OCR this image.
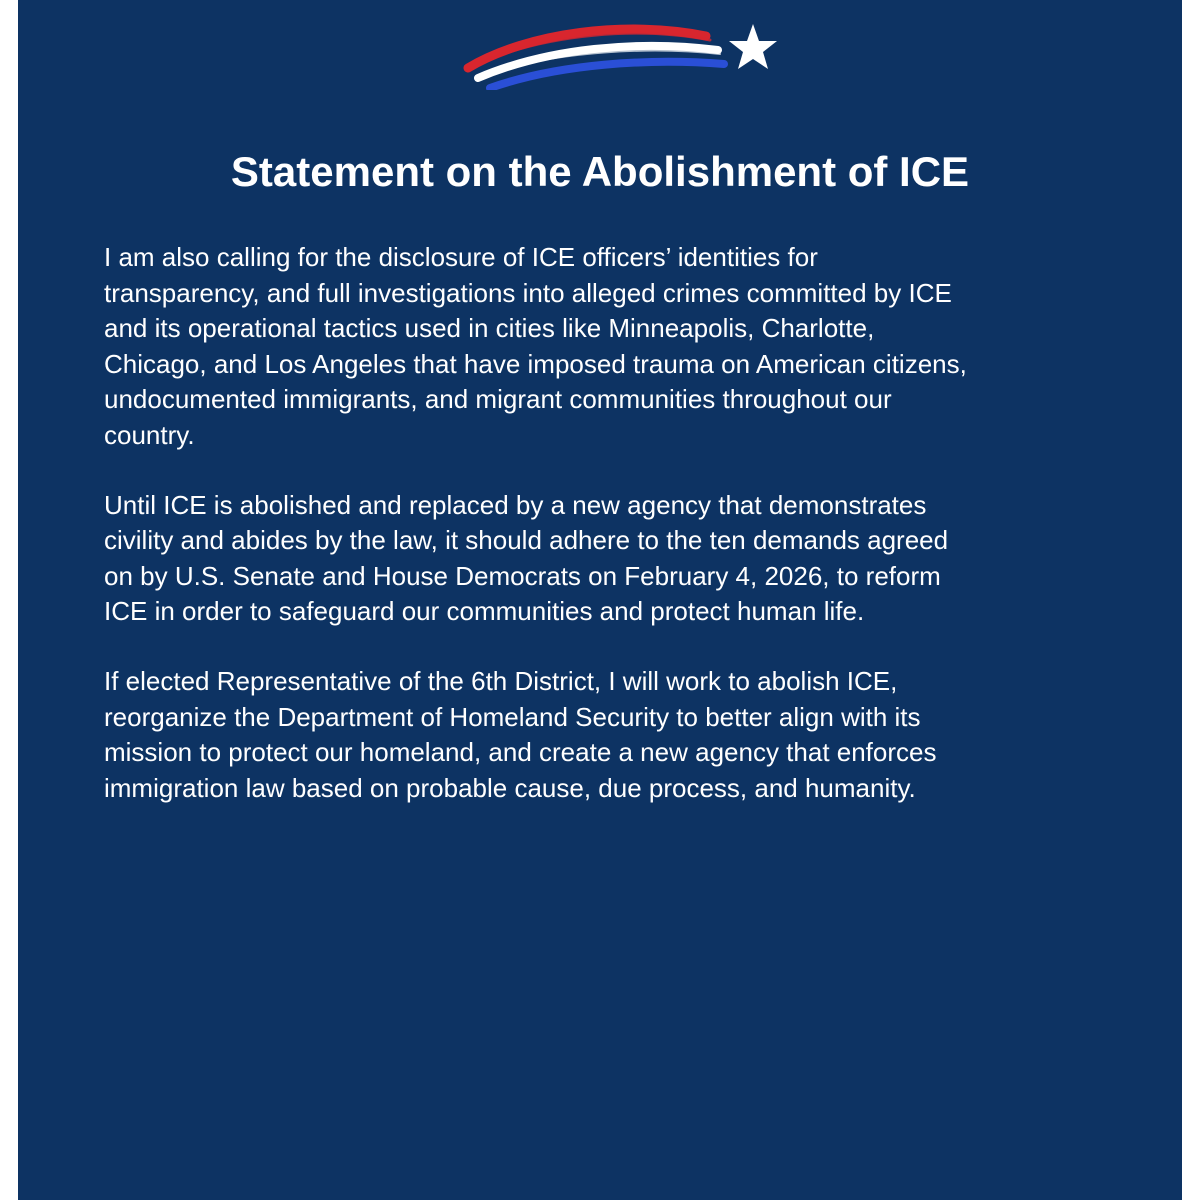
Statement on the Abolishment of ICE

I am also calling for the disclosure of ICE officers’ identities for
transparency, and full investigations into alleged crimes committed by ICE
and its operational tactics used in cities like Minneapolis, Charlotte,
Chicago, and Los Angeles that have imposed trauma on American citizens,
undocumented immigrants, and migrant communities throughout our
country.

Until ICE is abolished and replaced by a new agency that demonstrates
civility and abides by the law, it should adhere to the ten demands agreed
on by U.S. Senate and House Democrats on February 4, 2026, to reform
ICE in order to safeguard our communities and protect human life.

If elected Representative of the 6th District, I will work to abolish ICE,
reorganize the Department of Homeland Security to better align with its
mission to protect our homeland, and create a new agency that enforces
immigration law based on probable cause, due process, and humanity.
